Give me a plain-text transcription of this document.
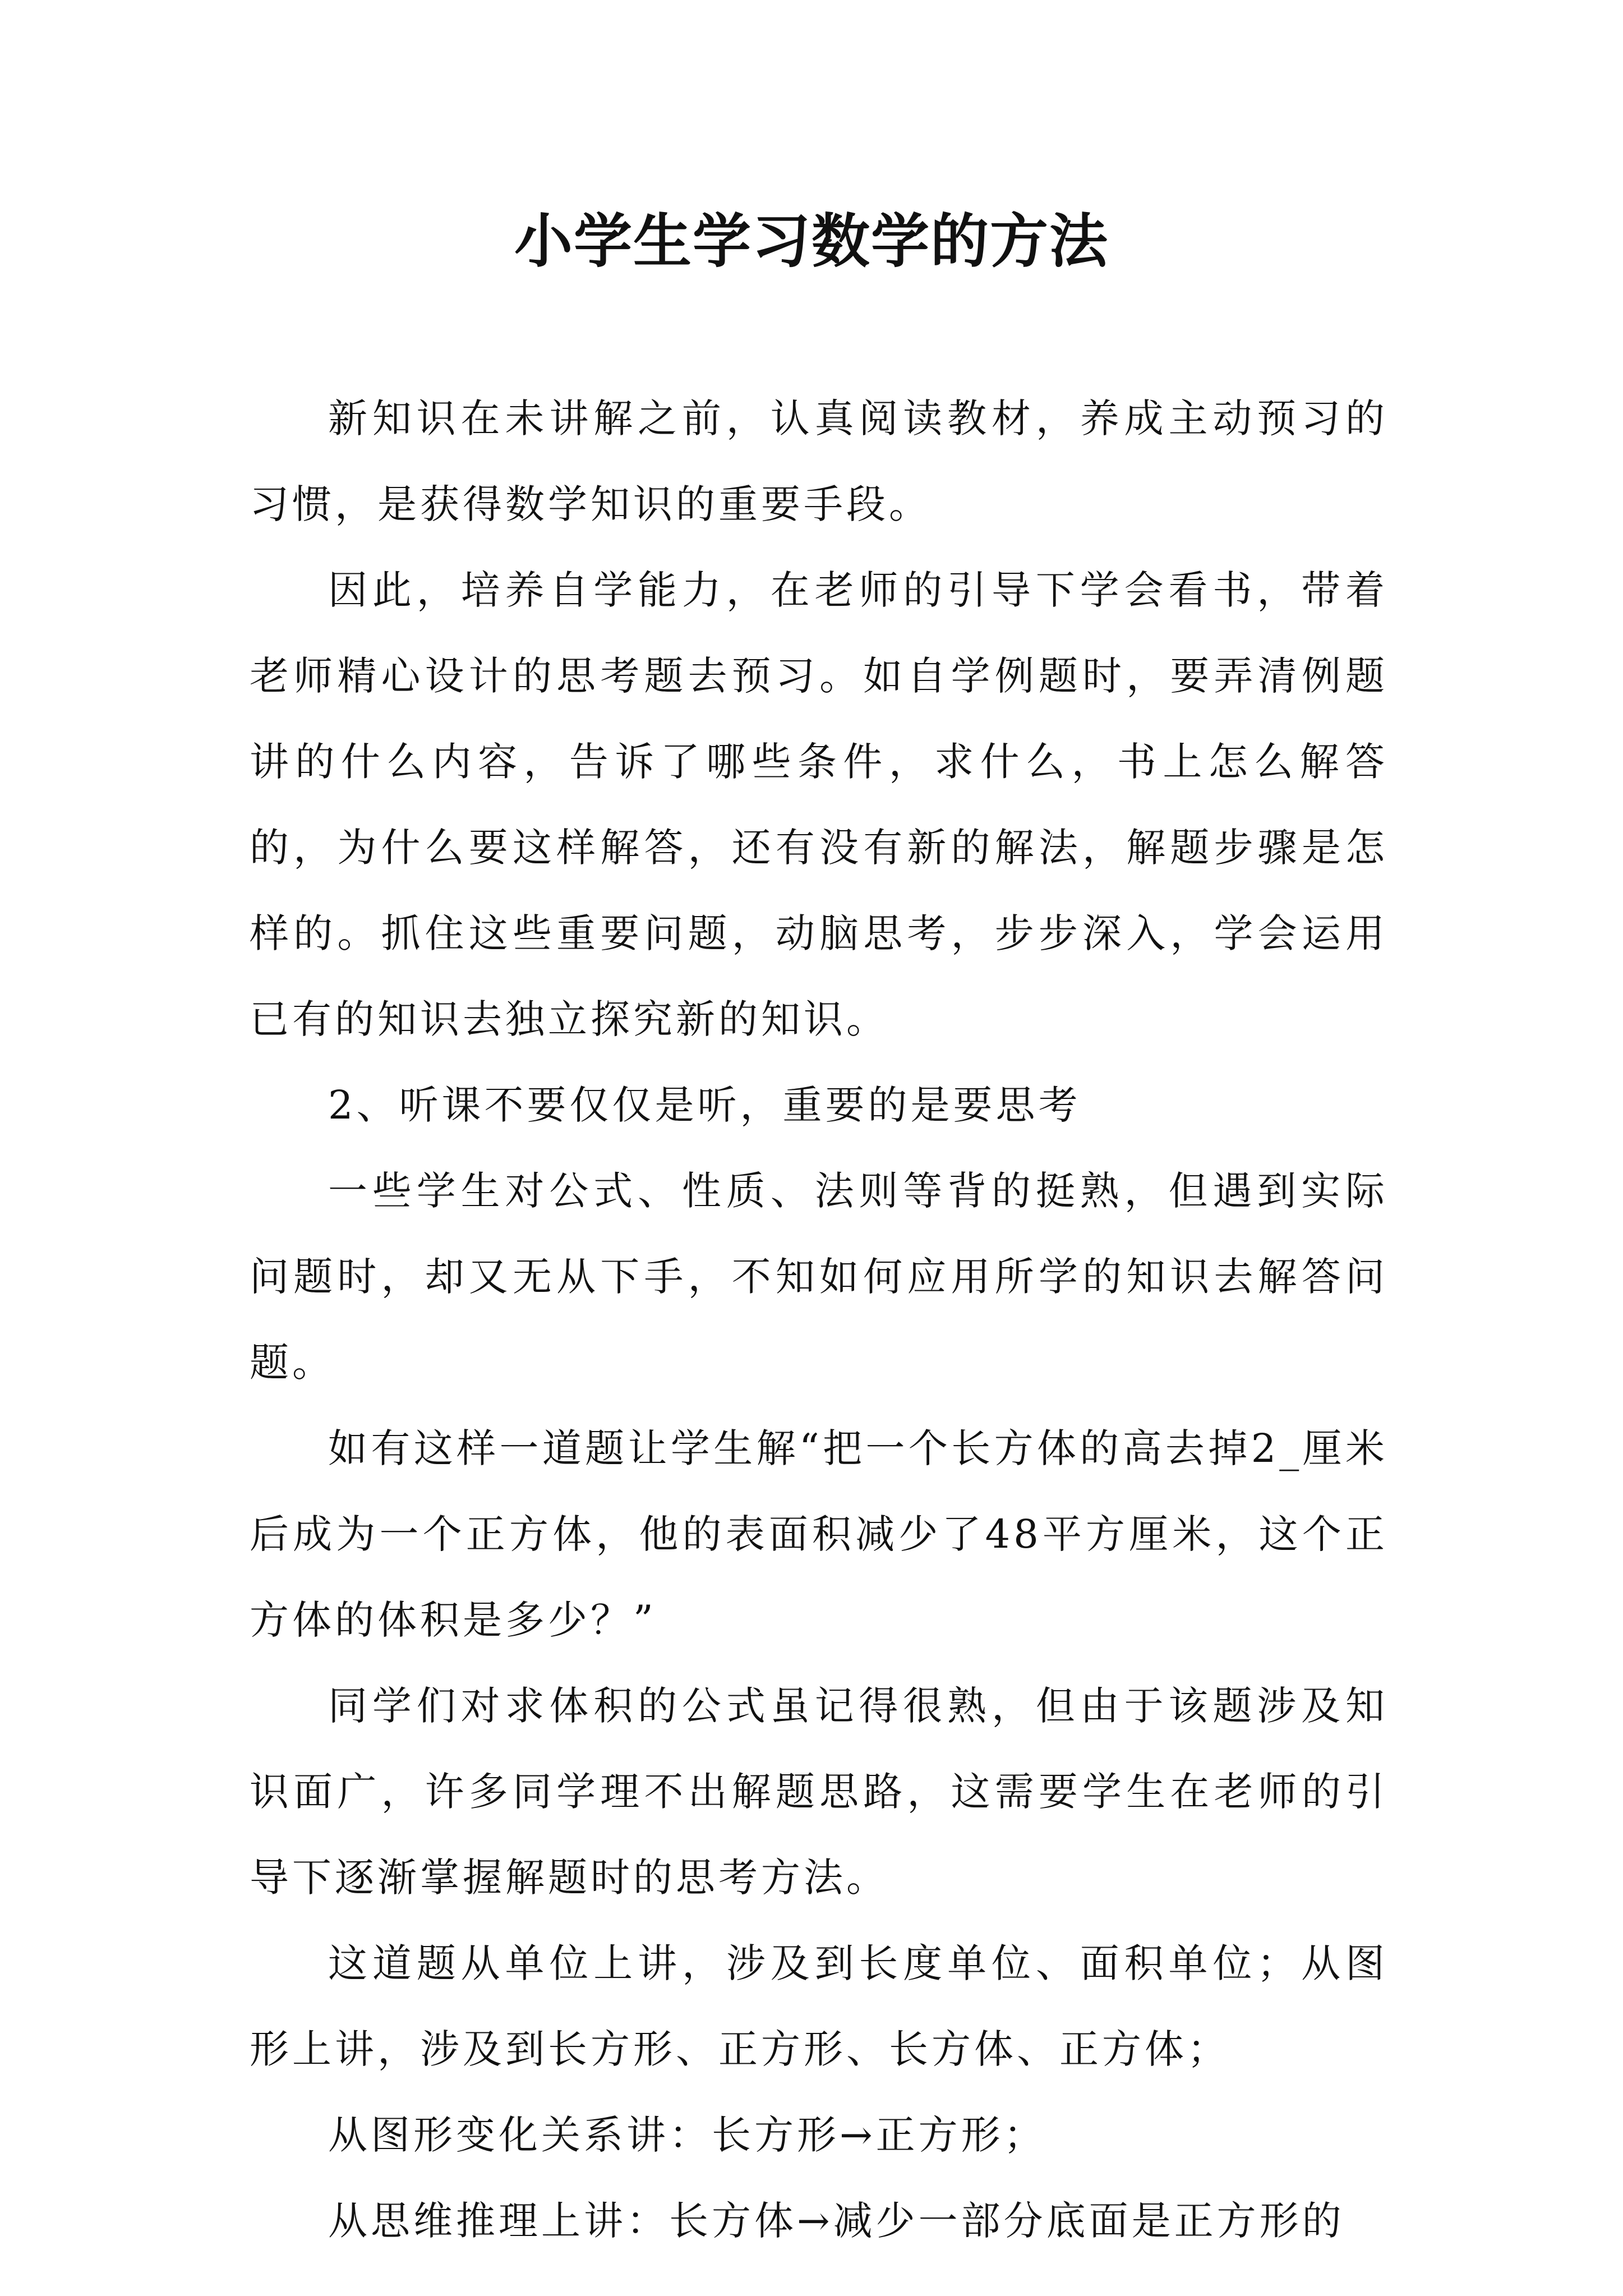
小学生学习数学的方法

新知识在未讲解之前，认真阅读教材，养成主动预习的习惯，是获得数学知识的重要手段。

因此，培养自学能力，在老师的引导下学会看书，带着老师精心设计的思考题去预习。如自学例题时，要弄清例题讲的什么内容，告诉了哪些条件，求什么，书上怎么解答的，为什么要这样解答，还有没有新的解法，解题步骤是怎样的。抓住这些重要问题，动脑思考，步步深入，学会运用已有的知识去独立探究新的知识。

2、听课不要仅仅是听，重要的是要思考

一些学生对公式、性质、法则等背的挺熟，但遇到实际问题时，却又无从下手，不知如何应用所学的知识去解答问题。

如有这样一道题让学生解“把一个长方体的高去掉2_厘米后成为一个正方体，他的表面积减少了48平方厘米，这个正方体的体积是多少？”

同学们对求体积的公式虽记得很熟，但由于该题涉及知识面广，许多同学理不出解题思路，这需要学生在老师的引导下逐渐掌握解题时的思考方法。

这道题从单位上讲，涉及到长度单位、面积单位；从图形上讲，涉及到长方形、正方形、长方体、正方体；

从图形变化关系讲：长方形→正方形；

从思维推理上讲：长方体→减少一部分底面是正方形的
